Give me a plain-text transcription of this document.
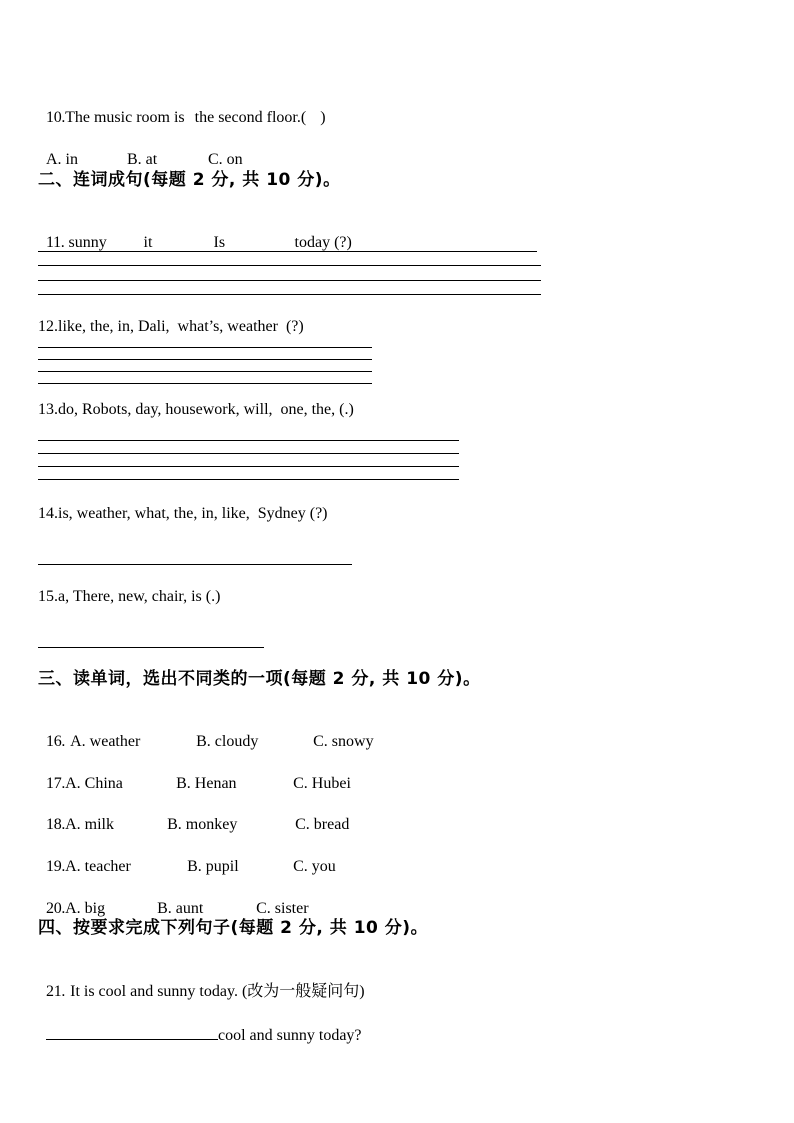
10.The music room is the second floor.( )

A. in	B. at	C. on

二、连词成句(每题 2 分, 共 10 分)。

11. sunny it	Is	today (?)

12.like, the, in, Dali,  what’s, weather  (?)
13.do, Robots, day, housework, will,  one, the, (.)
14.is, weather, what, the, in, like,  Sydney (?)
15.a, There, new, chair, is (.)
三、读单词，选出不同类的一项(每题 2 分, 共 10 分)。

16. A. weather	B. cloudy	C. snowy

17.A. China	B. Henan	C. Hubei

18.A. milk	B. monkey	C. bread

19.A. teacher	B. pupil	C. you

20.A. big	B. aunt	C. sister

四、按要求完成下列句子(每题 2 分, 共 10 分)。

21. It is cool and sunny today. (改为一般疑问句)

cool and sunny today?
